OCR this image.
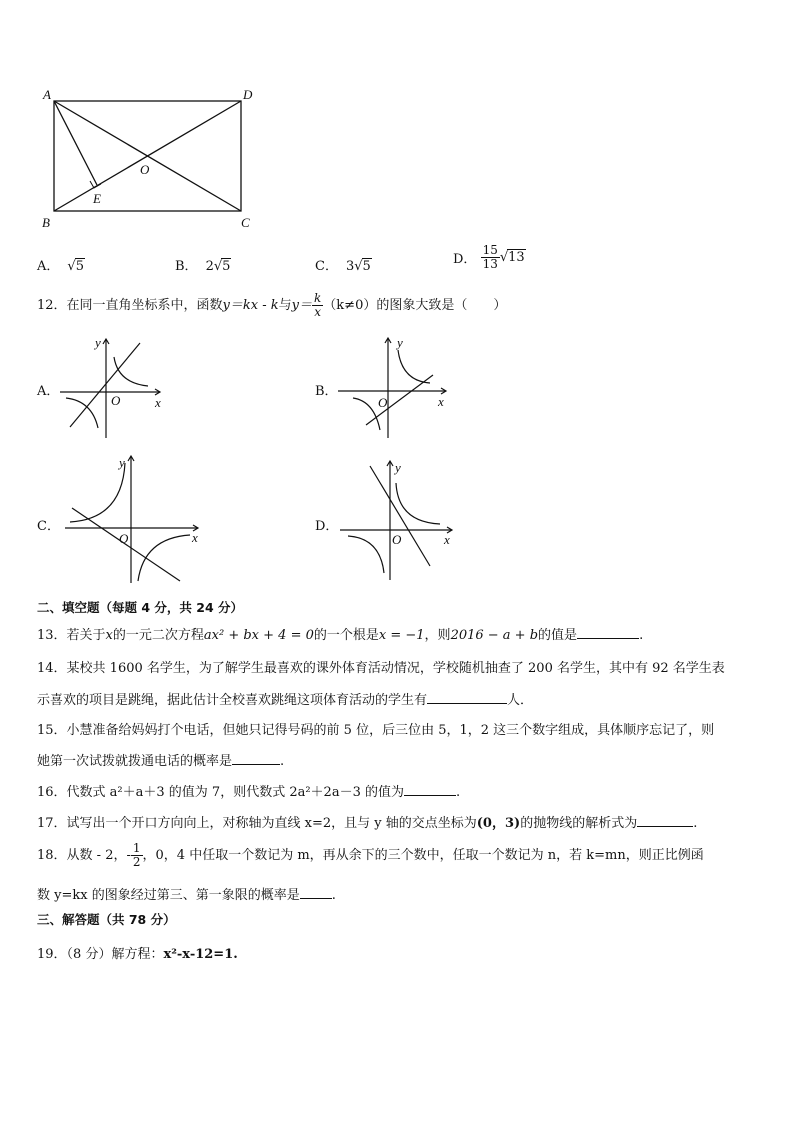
A	D
B	C
O
E
A． √5	B． 2√5	C． 3√5	D． $\frac{15}{13} √13$
12．在同一直角坐标系中，函数y＝kx - k与$y= \frac{k}{x} (k\ne 0)$的图象大致是（　　）
A．	B．
C．	D．
x
y
O	x
y
O
x
y
O	x
y
O
二、填空题（每题 4 分，共 24 分）
13．若关于x的一元二次方程ax² + bx + 4 = 0的一个根是x = −1，则2016 − a + b的值是	.
14．某校共 1600 名学生，为了解学生最喜欢的课外体育活动情况，学校随机抽查了 200 名学生，其中有 92 名学生表
示喜欢的项目是跳绳，据此估计全校喜欢跳绳这项体育活动的学生有	人．
15．小慧准备给妈妈打个电话，但她只记得号码的前 5 位，后三位由 5，1，2 这三个数字组成，具体顺序忘记了，则
她第一次试拨就拨通电话的概率是	.
16．代数式 a²＋a＋3 的值为 7，则代数式 2a²＋2a－3 的值为	.
17．试写出一个开口方向向上，对称轴为直线 x=2，且与 y 轴的交点坐标为(0，3)的抛物线的解析式为	.
18．从数 - 2，- $\frac{1}{2}$ ，0，4 中任取一个数记为 m，再从余下的三个数中，任取一个数记为 n，若 k=mn，则正比例函
数 y=kx 的图象经过第三、第一象限的概率是 .
三、解答题（共 78 分）
19．（8 分）解方程：x²-x-12=1.
